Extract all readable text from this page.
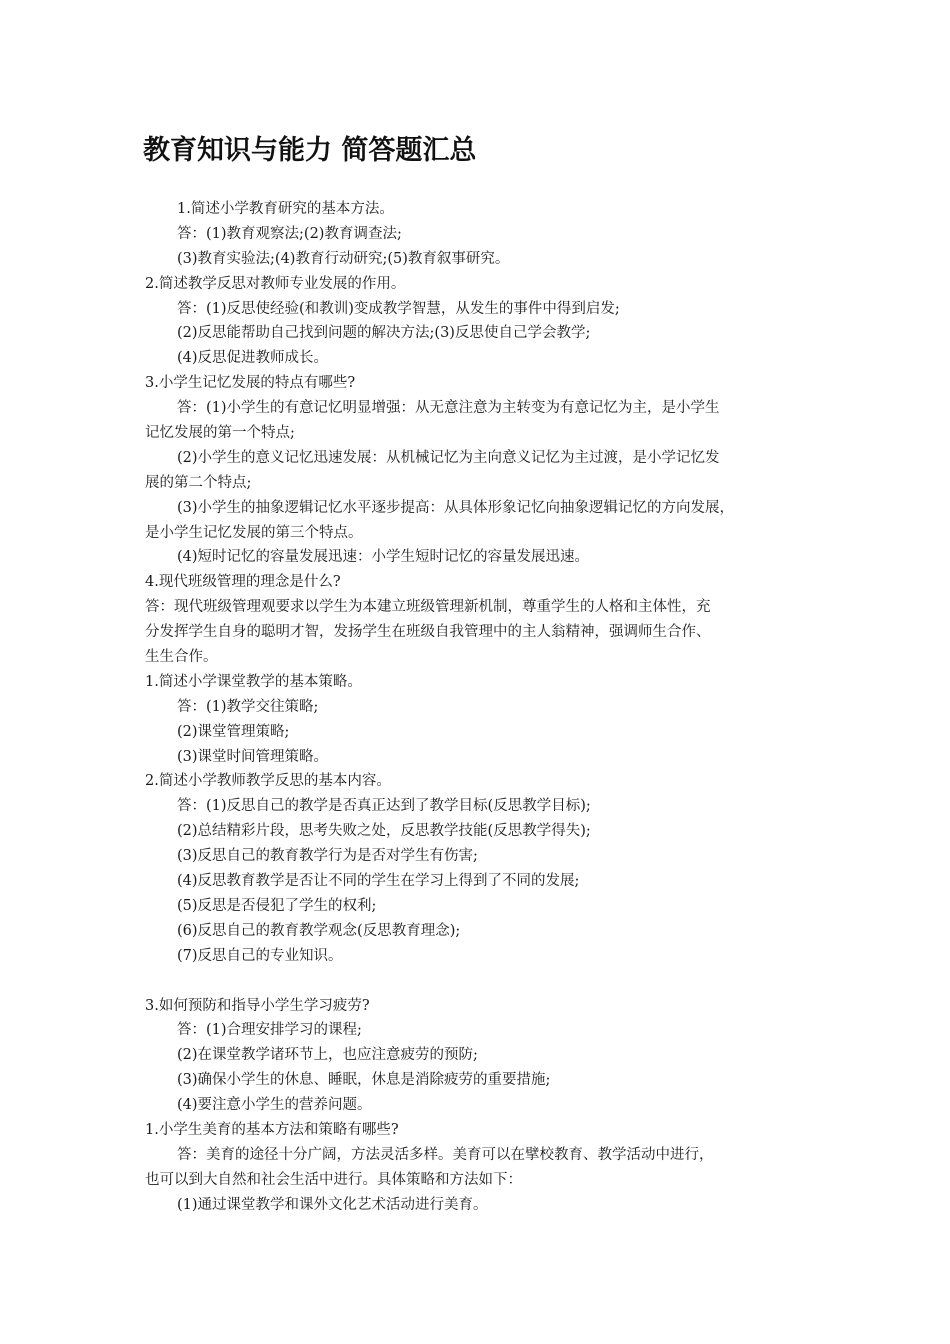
教育知识与能力 简答题汇总
1.简述小学教育研究的基本方法。
答：(1)教育观察法;(2)教育调查法;
(3)教育实验法;(4)教育行动研究;(5)教育叙事研究。
2.简述教学反思对教师专业发展的作用。
答：(1)反思使经验(和教训)变成教学智慧，从发生的事件中得到启发;
(2)反思能帮助自己找到问题的解决方法;(3)反思使自己学会教学;
(4)反思促进教师成长。
3.小学生记忆发展的特点有哪些?
答：(1)小学生的有意记忆明显增强：从无意注意为主转变为有意记忆为主，是小学生
记忆发展的第一个特点;
(2)小学生的意义记忆迅速发展：从机械记忆为主向意义记忆为主过渡，是小学记忆发
展的第二个特点;
(3)小学生的抽象逻辑记忆水平逐步提高：从具体形象记忆向抽象逻辑记忆的方向发展，
是小学生记忆发展的第三个特点。
(4)短时记忆的容量发展迅速：小学生短时记忆的容量发展迅速。
4.现代班级管理的理念是什么?
答：现代班级管理观要求以学生为本建立班级管理新机制，尊重学生的人格和主体性，充
分发挥学生自身的聪明才智，发扬学生在班级自我管理中的主人翁精神，强调师生合作、
生生合作。
1.简述小学课堂教学的基本策略。
答：(1)教学交往策略;
(2)课堂管理策略;
(3)课堂时间管理策略。
2.简述小学教师教学反思的基本内容。
答：(1)反思自己的教学是否真正达到了教学目标(反思教学目标);
(2)总结精彩片段，思考失败之处，反思教学技能(反思教学得失);
(3)反思自己的教育教学行为是否对学生有伤害;
(4)反思教育教学是否让不同的学生在学习上得到了不同的发展;
(5)反思是否侵犯了学生的权利;
(6)反思自己的教育教学观念(反思教育理念);
(7)反思自己的专业知识。
3.如何预防和指导小学生学习疲劳?
答：(1)合理安排学习的课程;
(2)在课堂教学诸环节上，也应注意疲劳的预防;
(3)确保小学生的休息、睡眠，休息是消除疲劳的重要措施;
(4)要注意小学生的营养问题。
1.小学生美育的基本方法和策略有哪些?
答：美育的途径十分广阔，方法灵活多样。美育可以在擘校教育、教学活动中进行，
也可以到大自然和社会生活中进行。具体策略和方法如下：
(1)通过课堂教学和课外文化艺术活动进行美育。
